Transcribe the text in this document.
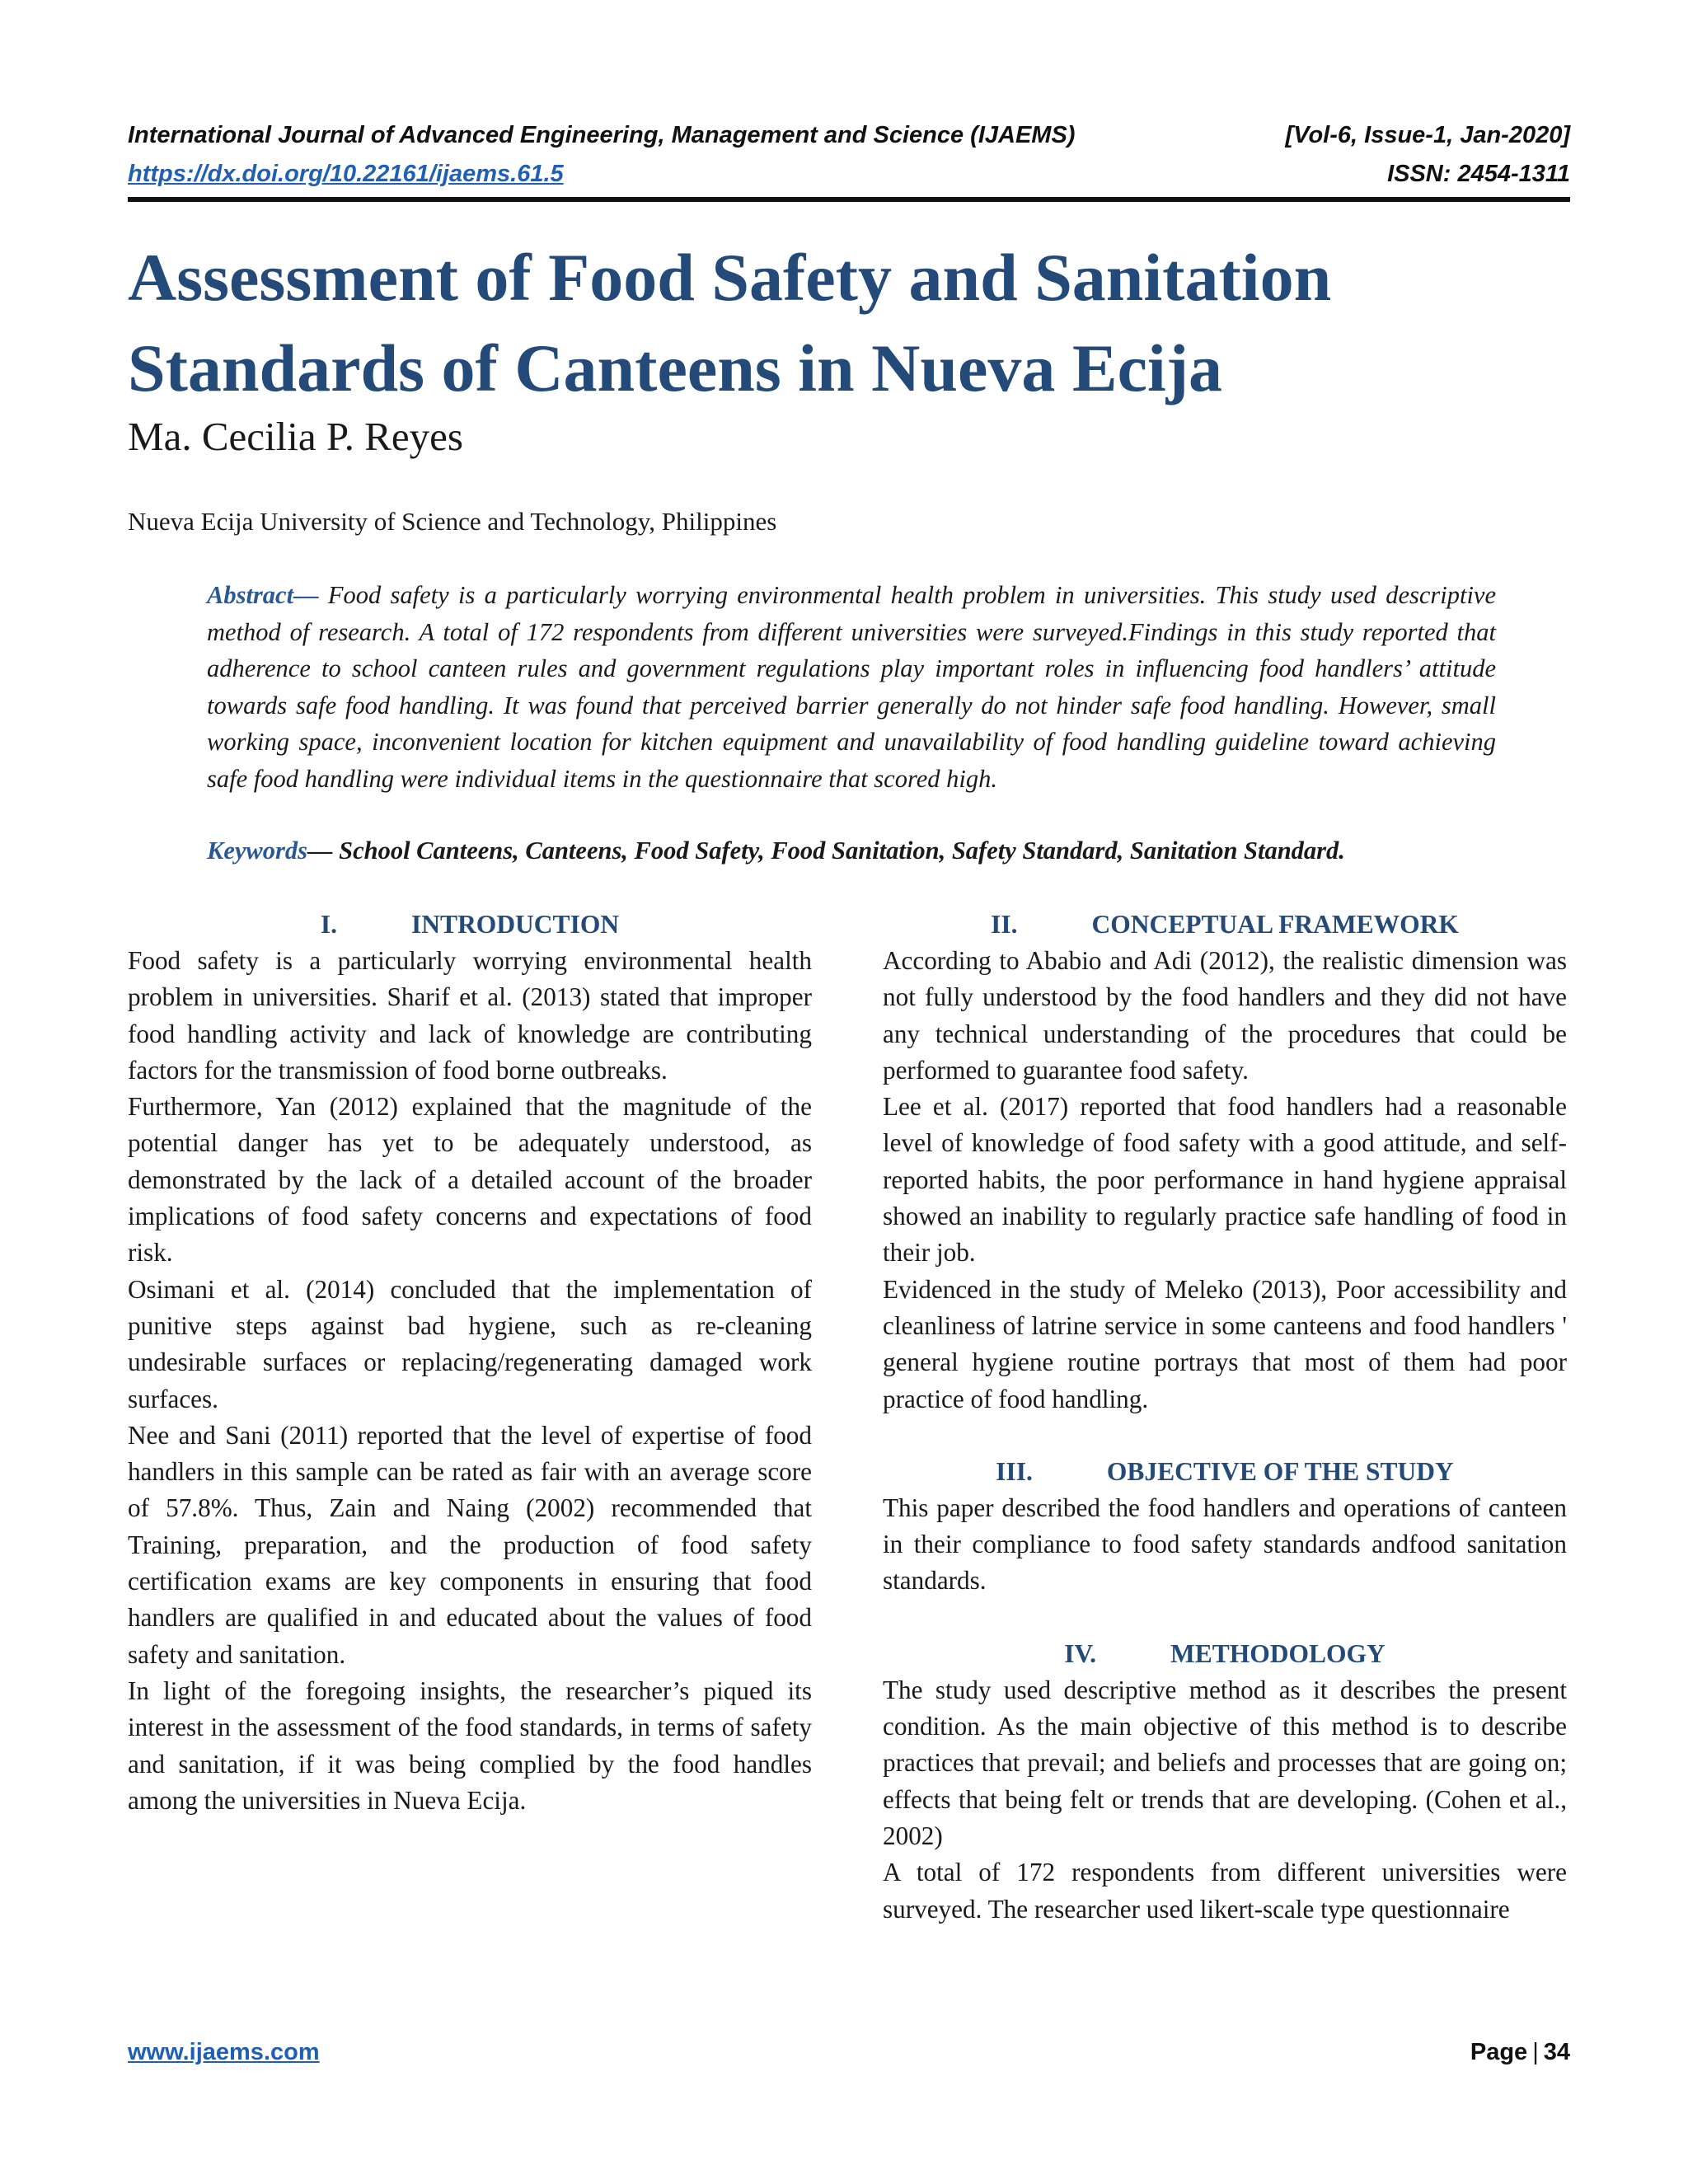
International Journal of Advanced Engineering, Management and Science (IJAEMS)	[Vol-6, Issue-1, Jan-2020]
https://dx.doi.org/10.22161/ijaems.61.5	ISSN: 2454-1311
Assessment of Food Safety and Sanitation
Standards of Canteens in Nueva Ecija
Ma. Cecilia P. Reyes
Nueva Ecija University of Science and Technology, Philippines
Abstract— Food safety is a particularly worrying environmental health problem in universities. This study used descriptive method of research. A total of 172 respondents from different universities were surveyed.Findings in this study reported that adherence to school canteen rules and government regulations play important roles in influencing food handlers’ attitude towards safe food handling. It was found that perceived barrier generally do not hinder safe food handling. However, small working space, inconvenient location for kitchen equipment and unavailability of food handling guideline toward achieving safe food handling were individual items in the questionnaire that scored high.
Keywords— School Canteens, Canteens, Food Safety, Food Sanitation, Safety Standard, Sanitation Standard.
I.	INTRODUCTION

Food safety is a particularly worrying environmental health problem in universities. Sharif et al. (2013) stated that improper food handling activity and lack of knowledge are contributing factors for the transmission of food borne outbreaks.

Furthermore, Yan (2012) explained that the magnitude of the potential danger has yet to be adequately understood, as demonstrated by the lack of a detailed account of the broader implications of food safety concerns and expectations of food risk.

Osimani et al. (2014) concluded that the implementation of punitive steps against bad hygiene, such as re-cleaning undesirable surfaces or replacing/regenerating damaged work surfaces.

Nee and Sani (2011) reported that the level of expertise of food handlers in this sample can be rated as fair with an average score of 57.8%. Thus, Zain and Naing (2002) recommended that Training, preparation, and the production of food safety certification exams are key components in ensuring that food handlers are qualified in and educated about the values of food safety and sanitation.

In light of the foregoing insights, the researcher’s piqued its interest in the assessment of the food standards, in terms of safety and sanitation, if it was being complied by the food handles among the universities in Nueva Ecija.

II.	CONCEPTUAL FRAMEWORK

According to Ababio and Adi (2012), the realistic dimension was not fully understood by the food handlers and they did not have any technical understanding of the procedures that could be performed to guarantee food safety.

Lee et al. (2017) reported that food handlers had a reasonable level of knowledge of food safety with a good attitude, and self-reported habits, the poor performance in hand hygiene appraisal showed an inability to regularly practice safe handling of food in their job.

Evidenced in the study of Meleko (2013), Poor accessibility and cleanliness of latrine service in some canteens and food handlers ' general hygiene routine portrays that most of them had poor practice of food handling.

III.	OBJECTIVE OF THE STUDY

This paper described the food handlers and operations of canteen in their compliance to food safety standards andfood sanitation standards.

IV.	METHODOLOGY

The study used descriptive method as it describes the present condition. As the main objective of this method is to describe practices that prevail; and beliefs and processes that are going on; effects that being felt or trends that are developing. (Cohen et al., 2002)

A total of 172 respondents from different universities were surveyed. The researcher used likert-scale type questionnaire

www.ijaems.com	Page | 34
